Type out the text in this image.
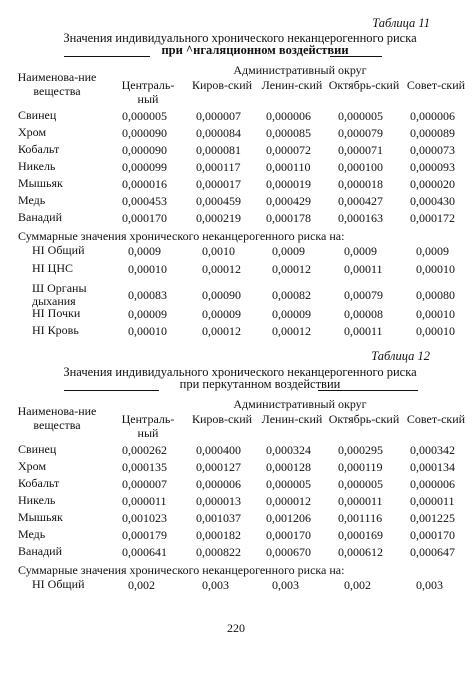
Таблица 11
Значения индивидуального хронического неканцерогенного риска
при ^нгаляционном воздействии
Административный округ
Наименова-ние вещества	Централь-ный
Киров-ский Ленин-ский Октябрь-ский Совет-ский
Свинец	0,000005 0,000007 0,000006 0,000005 0,000006
Хром	0,000090 0,000084 0,000085 0,000079 0,000089
Кобальт	0,000090 0,000081 0,000072 0,000071 0,000073
Никель	0,000099 0,000117 0,000110 0,000100 0,000093
Мышьяк	0,000016 0,000017 0,000019 0,000018 0,000020
Медь	0,000453 0,000459 0,000429 0,000427 0,000430
Ванадий	0,000170 0,000219 0,000178 0,000163 0,000172
Суммарные значения хронического неканцерогенного риска на:
HI Общий	0,0009	0,0010	0,0009	0,0009	0,0009
HI ЦНС	0,00010	0,00012	0,00012	0,00011	0,00010
Ш Органы дыхания	0,00083	0,00090	0,00082	0,00079	0,00080
HI Почки	0,00009	0,00009	0,00009	0,00008	0,00010
HI Кровь	0,00010	0,00012	0,00012	0,00011	0,00010
Таблица 12
Значения индивидуального хронического неканцерогенного риска
при перкутанном воздействии
Административный округ
Наименова-ние вещества	Централь-ный
Киров-ский Ленин-ский Октябрь-ский Совет-ский
Свинец	0,000262 0,000400 0,000324 0,000295 0,000342
Хром	0,000135 0,000127 0,000128 0,000119 0,000134
Кобальт	0,000007 0,000006 0,000005 0,000005 0,000006
Никель	0,000011 0,000013 0,000012 0,000011 0,000011
Мышьяк	0,001023 0,001037 0,001206 0,001116 0,001225
Медь	0,000179 0,000182 0,000170 0,000169 0,000170
Ванадий	0,000641 0,000822 0,000670 0,000612 0,000647
Суммарные значения хронического неканцерогенного риска на:
HI Общий	0,002	0,003	0,003	0,002	0,003
220
